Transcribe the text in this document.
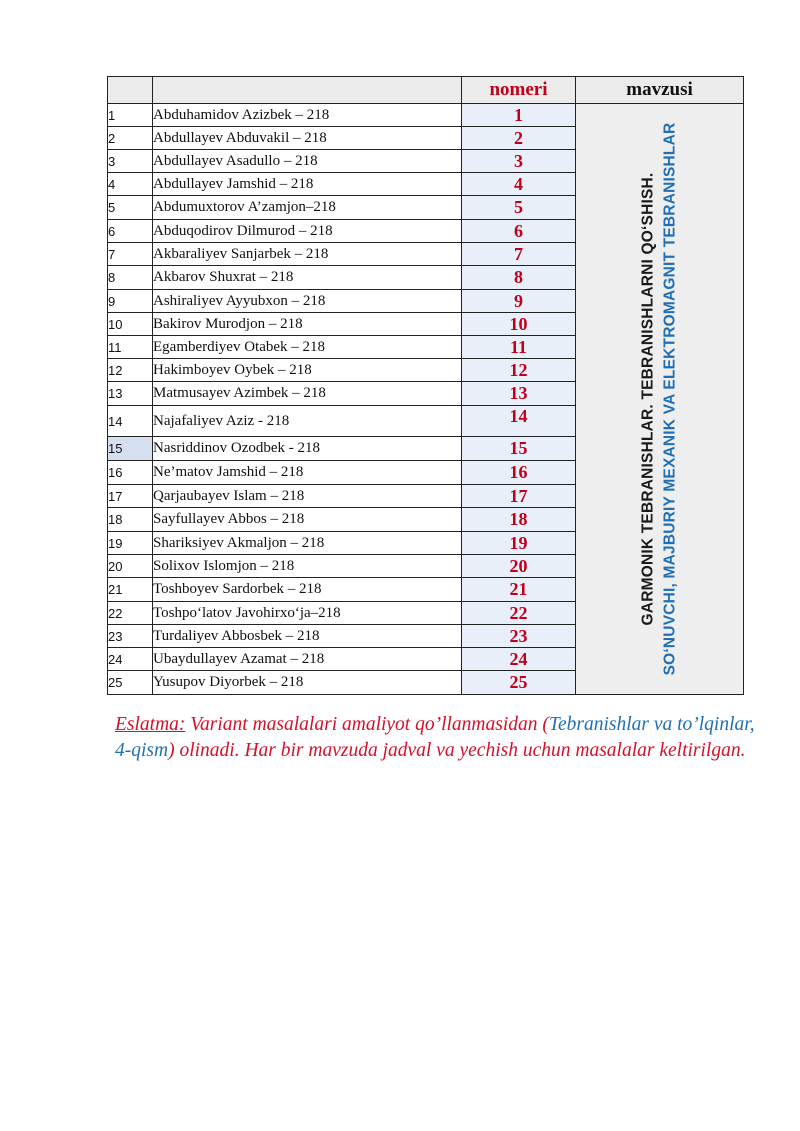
		nomeri	mavzusi
1	Abduhamidov Azizbek – 218	1	GARMONIK TEBRANISHLAR. TEBRANISHLARNI QO‘SHISH. SO‘NUVCHI, MAJBURIY MEXANIK VA ELEKTROMAGNIT TEBRANISHLAR

2	Abdullayev Abduvakil – 218	2	
3	Abdullayev Asadullo – 218	3	
4	Abdullayev Jamshid – 218	4	
5	Abdumuxtorov A’zamjon–218	5	
6	Abduqodirov Dilmurod – 218	6	
7	Akbaraliyev Sanjarbek – 218	7	
8	Akbarov Shuxrat – 218	8	
9	Ashiraliyev Ayyubxon – 218	9	
10	Bakirov Murodjon – 218	10	
11	Egamberdiyev Otabek – 218	11	
12	Hakimboyev Oybek – 218	12	
13	Matmusayev Azimbek – 218	13	
14	Najafaliyev Aziz - 218	14	
15	Nasriddinov Ozodbek - 218	15	
16	Ne’matov Jamshid – 218	16	
17	Qarjaubayev Islam – 218	17	
18	Sayfullayev Abbos – 218	18	
19	Shariksiyev Akmaljon – 218	19	
20	Solixov Islomjon – 218	20	
21	Toshboyev Sardorbek – 218	21	
22	Toshpo‘latov Javohirxo‘ja–218	22	
23	Turdaliyev Abbosbek – 218	23	
24	Ubaydullayev Azamat – 218	24	
25	Yusupov Diyorbek – 218	25	
Eslatma: Variant masalalari amaliyot qo’llanmasidan (Tebranishlar va to’lqinlar, 4-qism) olinadi. Har bir mavzuda jadval va yechish uchun masalalar keltirilgan.
